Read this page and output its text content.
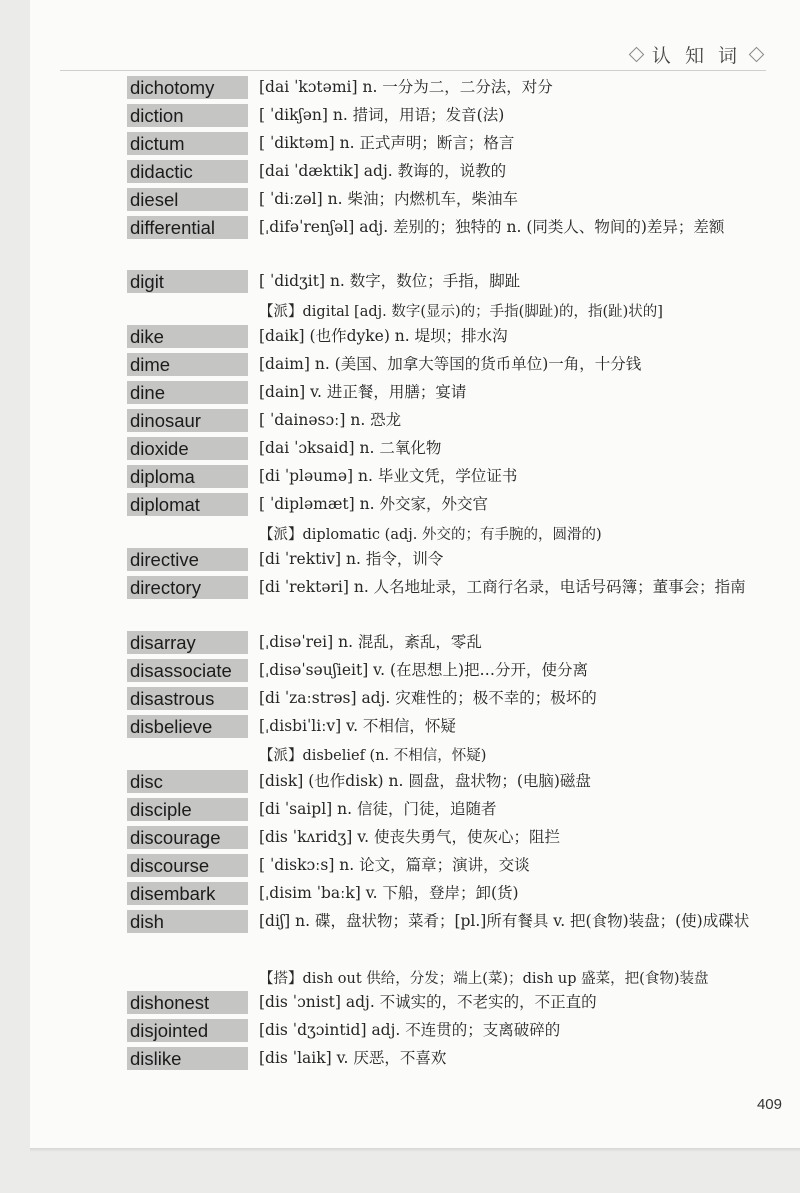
认 知 词
dichotomy	[dai ˈkɔtəmi] n. 一分为二，二分法，对分
diction	[ ˈdikʃən] n. 措词，用语；发音(法)
dictum	[ ˈdiktəm] n. 正式声明；断言；格言
didactic	[dai ˈdæktik] adj. 教诲的，说教的
diesel	[ ˈdiːzəl] n. 柴油；内燃机车，柴油车
differential	[ˌdifəˈrenʃəl] adj. 差别的；独特的 n. (同类人、物间的)差异；差额
digit	[ ˈdidʒit] n. 数字，数位；手指，脚趾
【派】digital [adj. 数字(显示)的；手指(脚趾)的，指(趾)状的]
dike	[daik] (也作dyke) n. 堤坝；排水沟
dime	[daim] n. (美国、加拿大等国的货币单位)一角，十分钱
dine	[dain] v. 进正餐，用膳；宴请
dinosaur	[ ˈdainəsɔː] n. 恐龙
dioxide	[dai ˈɔksaid] n. 二氧化物
diploma	[di ˈpləumə] n. 毕业文凭，学位证书
diplomat	[ ˈdipləmæt] n. 外交家，外交官
【派】diplomatic (adj. 外交的；有手腕的，圆滑的)
directive	[di ˈrektiv] n. 指令，训令
directory	[di ˈrektəri] n. 人名地址录，工商行名录，电话号码簿；董事会；指南
disarray	[ˌdisəˈrei] n. 混乱，紊乱，零乱
disassociate	[ˌdisəˈsəuʃieit] v. (在思想上)把…分开，使分离
disastrous	[di ˈzaːstrəs] adj. 灾难性的；极不幸的；极坏的
disbelieve	[ˌdisbiˈliːv] v. 不相信，怀疑
【派】disbelief (n. 不相信，怀疑)
disc	[disk] (也作disk) n. 圆盘，盘状物；(电脑)磁盘
disciple	[di ˈsaipl] n. 信徒，门徒，追随者
discourage	[dis ˈkʌridʒ] v. 使丧失勇气，使灰心；阻拦
discourse	[ ˈdiskɔːs] n. 论文，篇章；演讲，交谈
disembark	[ˌdisim ˈbaːk] v. 下船，登岸；卸(货)
dish	[diʃ] n. 碟，盘状物；菜肴；[pl.]所有餐具 v. 把(食物)装盘；(使)成碟状
【搭】dish out 供给，分发；端上(菜)；dish up 盛菜，把(食物)装盘
dishonest	[dis ˈɔnist] adj. 不诚实的，不老实的，不正直的
disjointed	[dis ˈdʒɔintid] adj. 不连贯的；支离破碎的
dislike	[dis ˈlaik] v. 厌恶，不喜欢
409
